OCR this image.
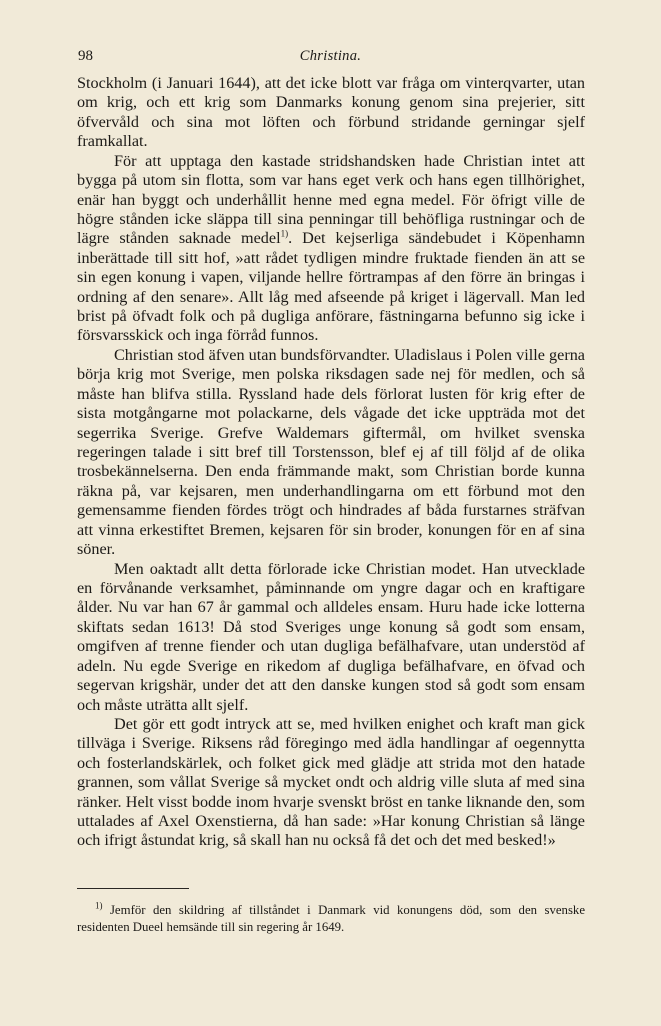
98	Christina.

Stockholm (i Januari 1644), att det icke blott var fråga om vinterqvarter, utan om krig, och ett krig som Danmarks konung genom sina prejerier, sitt öfvervåld och sina mot löften och förbund stridande gerningar sjelf framkallat.

För att upptaga den kastade stridshandsken hade Christian intet att bygga på utom sin flotta, som var hans eget verk och hans egen tillhörighet, enär han byggt och underhållit henne med egna medel. För öfrigt ville de högre stånden icke släppa till sina penningar till behöfliga rustningar och de lägre stånden saknade medel$^{1)}$. Det kejserliga sändebudet i Köpenhamn inberättade till sitt hof, »att rådet tydligen mindre fruktade fienden än att se sin egen konung i vapen, viljande hellre förtrampas af den förre än bringas i ordning af den senare». Allt låg med afseende på kriget i lägervall. Man led brist på öfvadt folk och på dugliga anförare, fästningarna befunno sig icke i försvarsskick och inga förråd funnos.

Christian stod äfven utan bundsförvandter. Uladislaus i Polen ville gerna börja krig mot Sverige, men polska riksdagen sade nej för medlen, och så måste han blifva stilla. Ryssland hade dels förlorat lusten för krig efter de sista motgångarne mot polackarne, dels vågade det icke uppträda mot det segerrika Sverige. Grefve Waldemars giftermål, om hvilket svenska regeringen talade i sitt bref till Torstensson, blef ej af till följd af de olika trosbekännelserna. Den enda främmande makt, som Christian borde kunna räkna på, var kejsaren, men underhandlingarna om ett förbund mot den gemensamme fienden fördes trögt och hindrades af båda furstarnes sträfvan att vinna erkestiftet Bremen, kejsaren för sin broder, konungen för en af sina söner.

Men oaktadt allt detta förlorade icke Christian modet. Han utvecklade en förvånande verksamhet, påminnande om yngre dagar och en kraftigare ålder. Nu var han 67 år gammal och alldeles ensam. Huru hade icke lotterna skiftats sedan 1613! Då stod Sveriges unge konung så godt som ensam, omgifven af trenne fiender och utan dugliga befälhafvare, utan understöd af adeln. Nu egde Sverige en rikedom af dugliga befälhafvare, en öfvad och segervan krigshär, under det att den danske kungen stod så godt som ensam och måste uträtta allt sjelf.

Det gör ett godt intryck att se, med hvilken enighet och kraft man gick tillväga i Sverige. Riksens råd föregingo med ädla handlingar af oegennytta och fosterlandskärlek, och folket gick med glädje att strida mot den hatade grannen, som vållat Sverige så mycket ondt och aldrig ville sluta af med sina ränker. Helt visst bodde inom hvarje svenskt bröst en tanke liknande den, som uttalades af Axel Oxenstierna, då han sade: »Har konung Christian så länge och ifrigt åstundat krig, så skall han nu också få det och det med besked!»

$^{1)}$ Jemför den skildring af tillståndet i Danmark vid konungens död, som den svenske residenten Dueel hemsände till sin regering år 1649.
